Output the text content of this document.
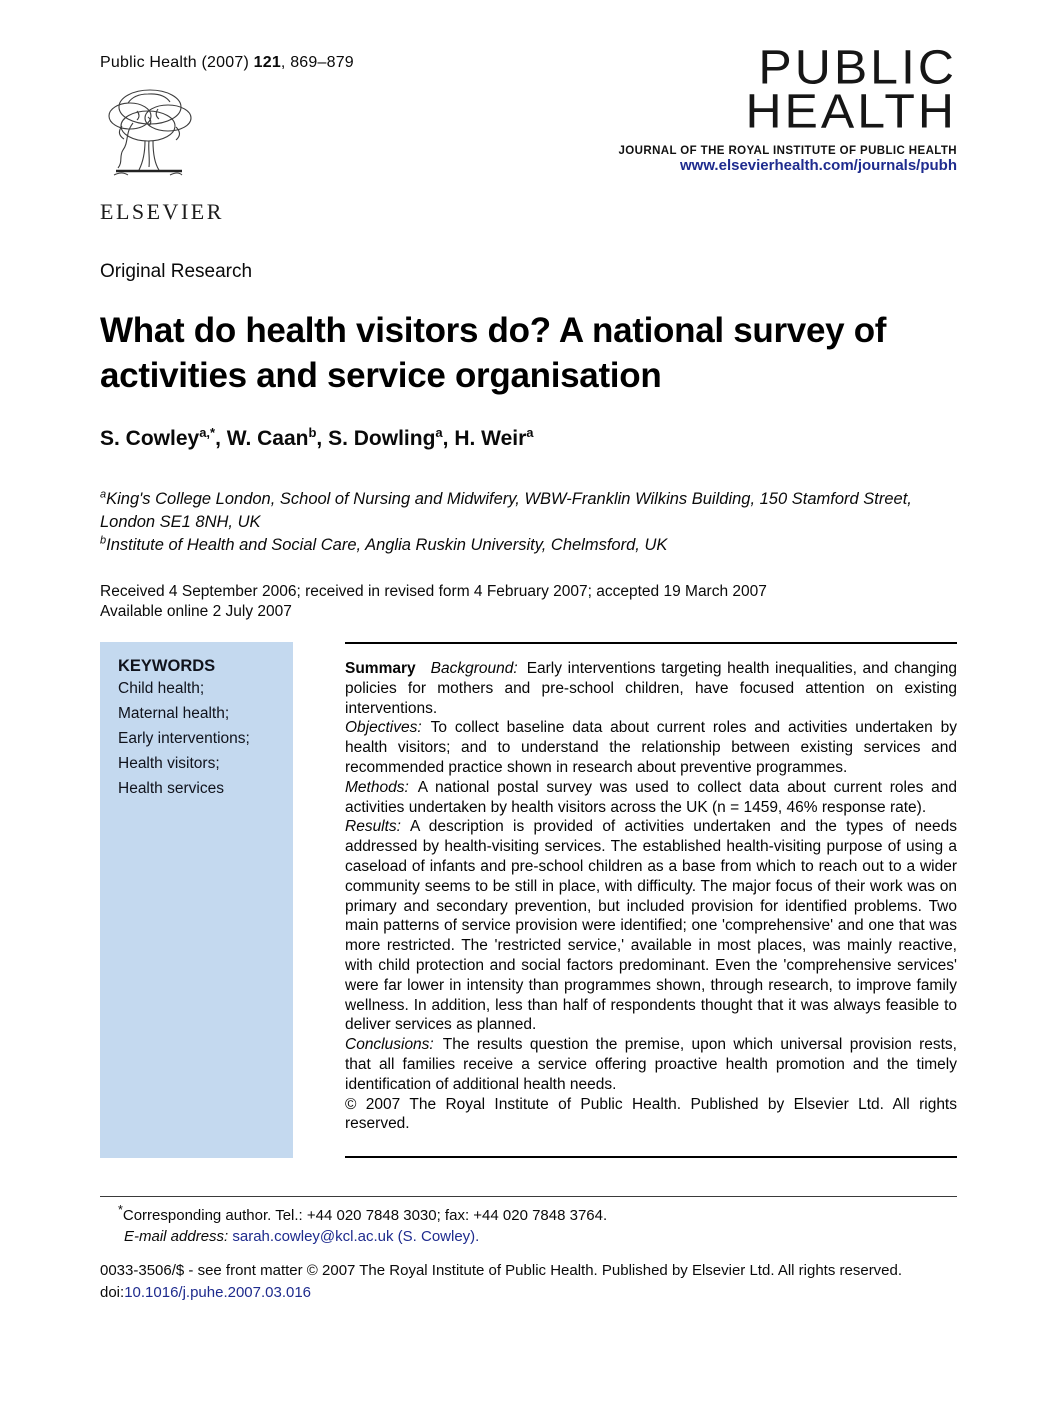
Public Health (2007) 121, 869–879
ELSEVIER
PUBLIC
HEALTH
JOURNAL OF THE ROYAL INSTITUTE OF PUBLIC HEALTH
www.elsevierhealth.com/journals/pubh
Original Research
What do health visitors do? A national survey of
activities and service organisation
S. Cowley$^{a,*}$, W. Caan$^b$, S. Dowling$^a$, H. Weir$^a$
$^a$King's College London, School of Nursing and Midwifery, WBW-Franklin Wilkins Building, 150 Stamford Street, London SE1 8NH, UK
$^b$Institute of Health and Social Care, Anglia Ruskin University, Chelmsford, UK
Received 4 September 2006; received in revised form 4 February 2007; accepted 19 March 2007
Available online 2 July 2007
KEYWORDS
Child health;
Maternal health;
Early interventions;
Health visitors;
Health services

Summary Background: Early interventions targeting health inequalities, and changing policies for mothers and pre-school children, have focused attention on existing interventions.

Objectives: To collect baseline data about current roles and activities undertaken by health visitors; and to understand the relationship between existing services and recommended practice shown in research about preventive programmes.

Methods: A national postal survey was used to collect data about current roles and activities undertaken by health visitors across the UK (n = 1459, 46% response rate).

Results: A description is provided of activities undertaken and the types of needs addressed by health-visiting services. The established health-visiting purpose of using a caseload of infants and pre-school children as a base from which to reach out to a wider community seems to be still in place, with difficulty. The major focus of their work was on primary and secondary prevention, but included provision for identified problems. Two main patterns of service provision were identified; one 'comprehensive' and one that was more restricted. The 'restricted service,' available in most places, was mainly reactive, with child protection and social factors predominant. Even the 'comprehensive services' were far lower in intensity than programmes shown, through research, to improve family wellness. In addition, less than half of respondents thought that it was always feasible to deliver services as planned.

Conclusions: The results question the premise, upon which universal provision rests, that all families receive a service offering proactive health promotion and the timely identification of additional health needs.

© 2007 The Royal Institute of Public Health. Published by Elsevier Ltd. All rights reserved.

*Corresponding author. Tel.: +44 020 7848 3030; fax: +44 020 7848 3764.
E-mail address: sarah.cowley@kcl.ac.uk (S. Cowley).
0033-3506/$ - see front matter © 2007 The Royal Institute of Public Health. Published by Elsevier Ltd. All rights reserved.
doi:10.1016/j.puhe.2007.03.016
